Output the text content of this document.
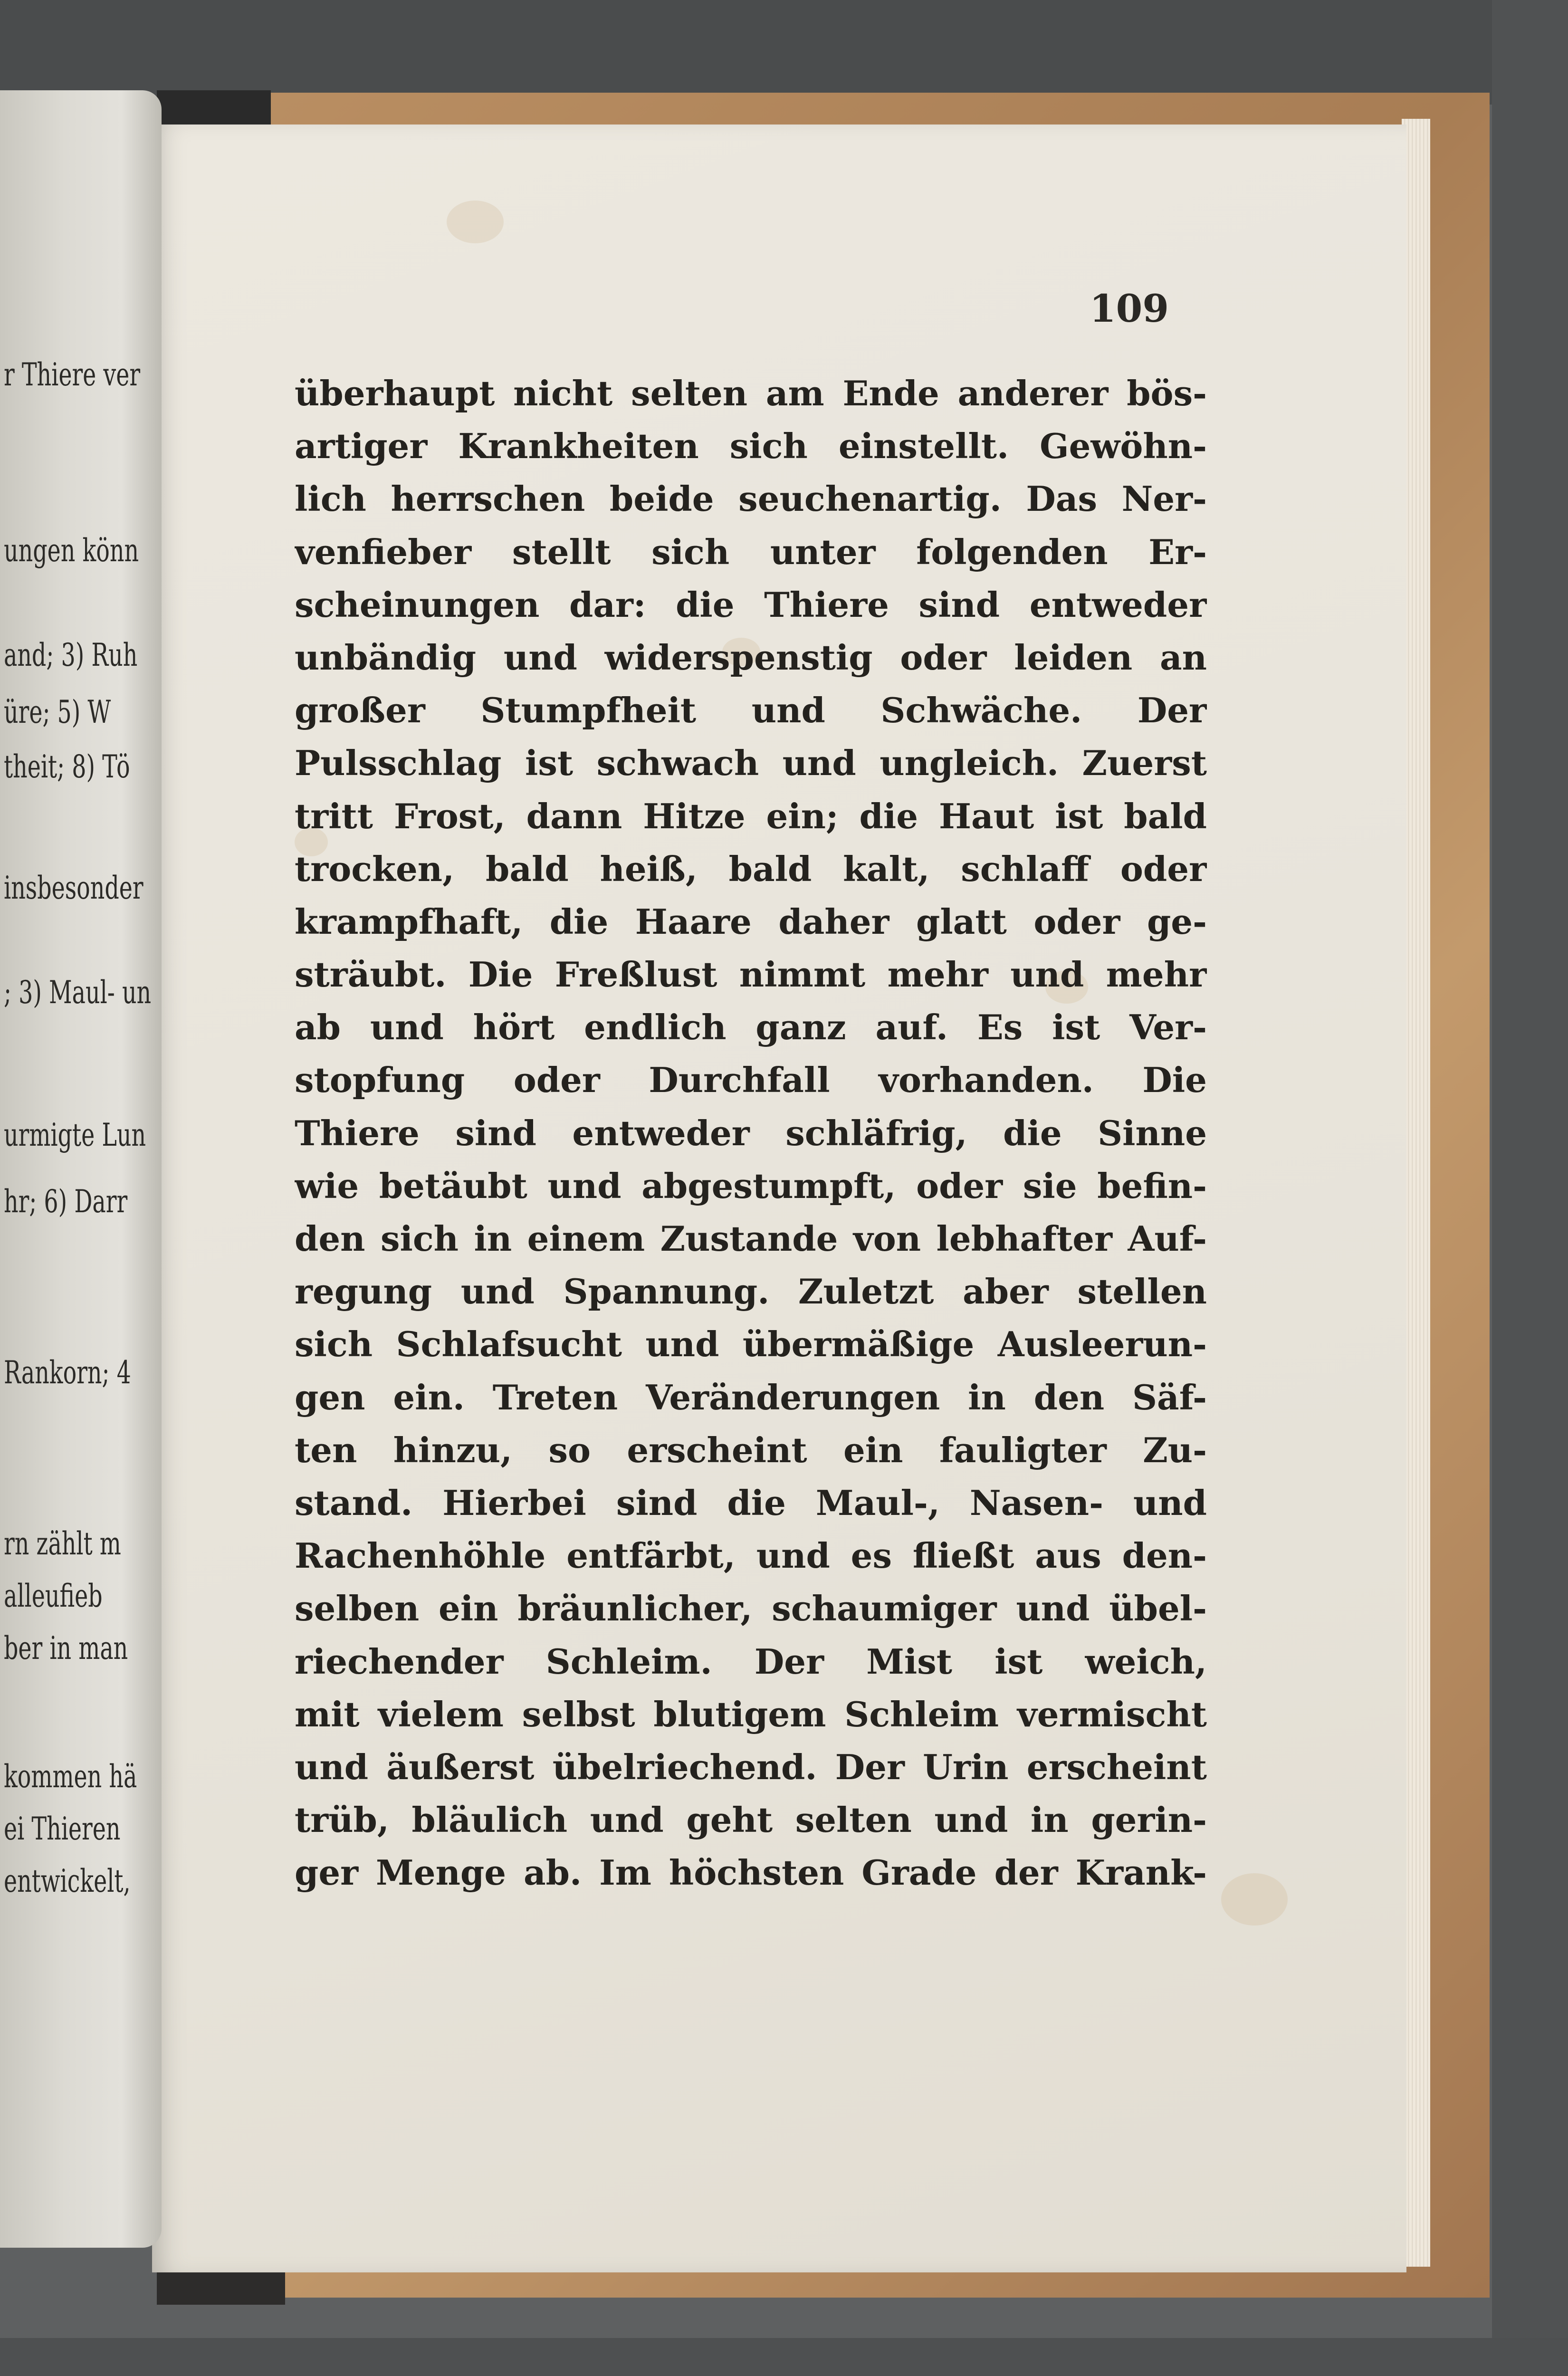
109
überhaupt nicht selten am Ende anderer bös-
artiger Krankheiten sich einstellt. Gewöhn-
lich herrschen beide seuchenartig. Das Ner-
venfieber stellt sich unter folgenden Er-
scheinungen dar: die Thiere sind entweder
unbändig und widerspenstig oder leiden an
großer Stumpfheit und Schwäche. Der
Pulsschlag ist schwach und ungleich. Zuerst
tritt Frost, dann Hitze ein; die Haut ist bald
trocken, bald heiß, bald kalt, schlaff oder
krampfhaft, die Haare daher glatt oder ge-
sträubt. Die Freßlust nimmt mehr und mehr
ab und hört endlich ganz auf. Es ist Ver-
stopfung oder Durchfall vorhanden. Die
Thiere sind entweder schläfrig, die Sinne
wie betäubt und abgestumpft, oder sie befin-
den sich in einem Zustande von lebhafter Auf-
regung und Spannung. Zuletzt aber stellen
sich Schlafsucht und übermäßige Ausleerun-
gen ein. Treten Veränderungen in den Säf-
ten hinzu, so erscheint ein fauligter Zu-
stand. Hierbei sind die Maul-, Nasen- und
Rachenhöhle entfärbt, und es fließt aus den-
selben ein bräunlicher, schaumiger und übel-
riechender Schleim. Der Mist ist weich,
mit vielem selbst blutigem Schleim vermischt
und äußerst übelriechend. Der Urin erscheint
trüb, bläulich und geht selten und in gerin-
ger Menge ab. Im höchsten Grade der Krank-
r Thiere ver
ungen könn
and; 3) Ruh
üre; 5) W
theit; 8) Tö
insbesonder
; 3) Maul- un
urmigte Lun
hr; 6) Darr
Rankorn; 4
rn zählt m
alleufieb
ber in man
kommen hä
ei Thieren
entwickelt,
